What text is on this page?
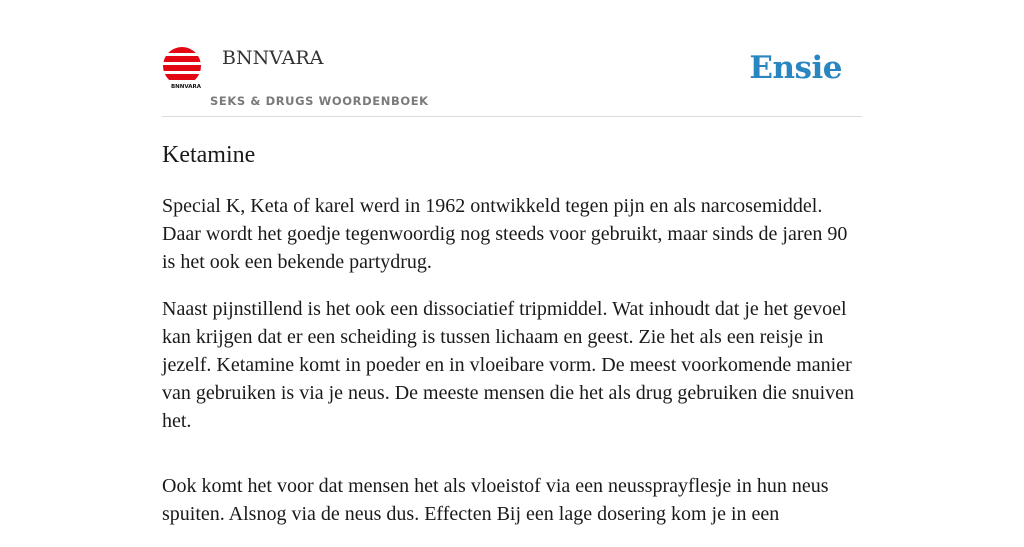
BNNVARA
BNNVARA
SEKS & DRUGS WOORDENBOEK
Ensie
Ketamine

Special K, Keta of karel werd in 1962 ontwikkeld tegen pijn en als narcosemiddel. Daar wordt het goedje tegenwoordig nog steeds voor gebruikt, maar sinds de jaren 90 is het ook een bekende partydrug.

Naast pijnstillend is het ook een dissociatief tripmiddel. Wat inhoudt dat je het gevoel kan krijgen dat er een scheiding is tussen lichaam en geest. Zie het als een reisje in jezelf. Ketamine komt in poeder en in vloeibare vorm. De meest voorkomende manier van gebruiken is via je neus. De meeste mensen die het als drug gebruiken die snuiven het.

Ook komt het voor dat mensen het als vloeistof via een neussprayflesje in hun neus spuiten. Alsnog via de neus dus. Effecten Bij een lage dosering kom je in een
